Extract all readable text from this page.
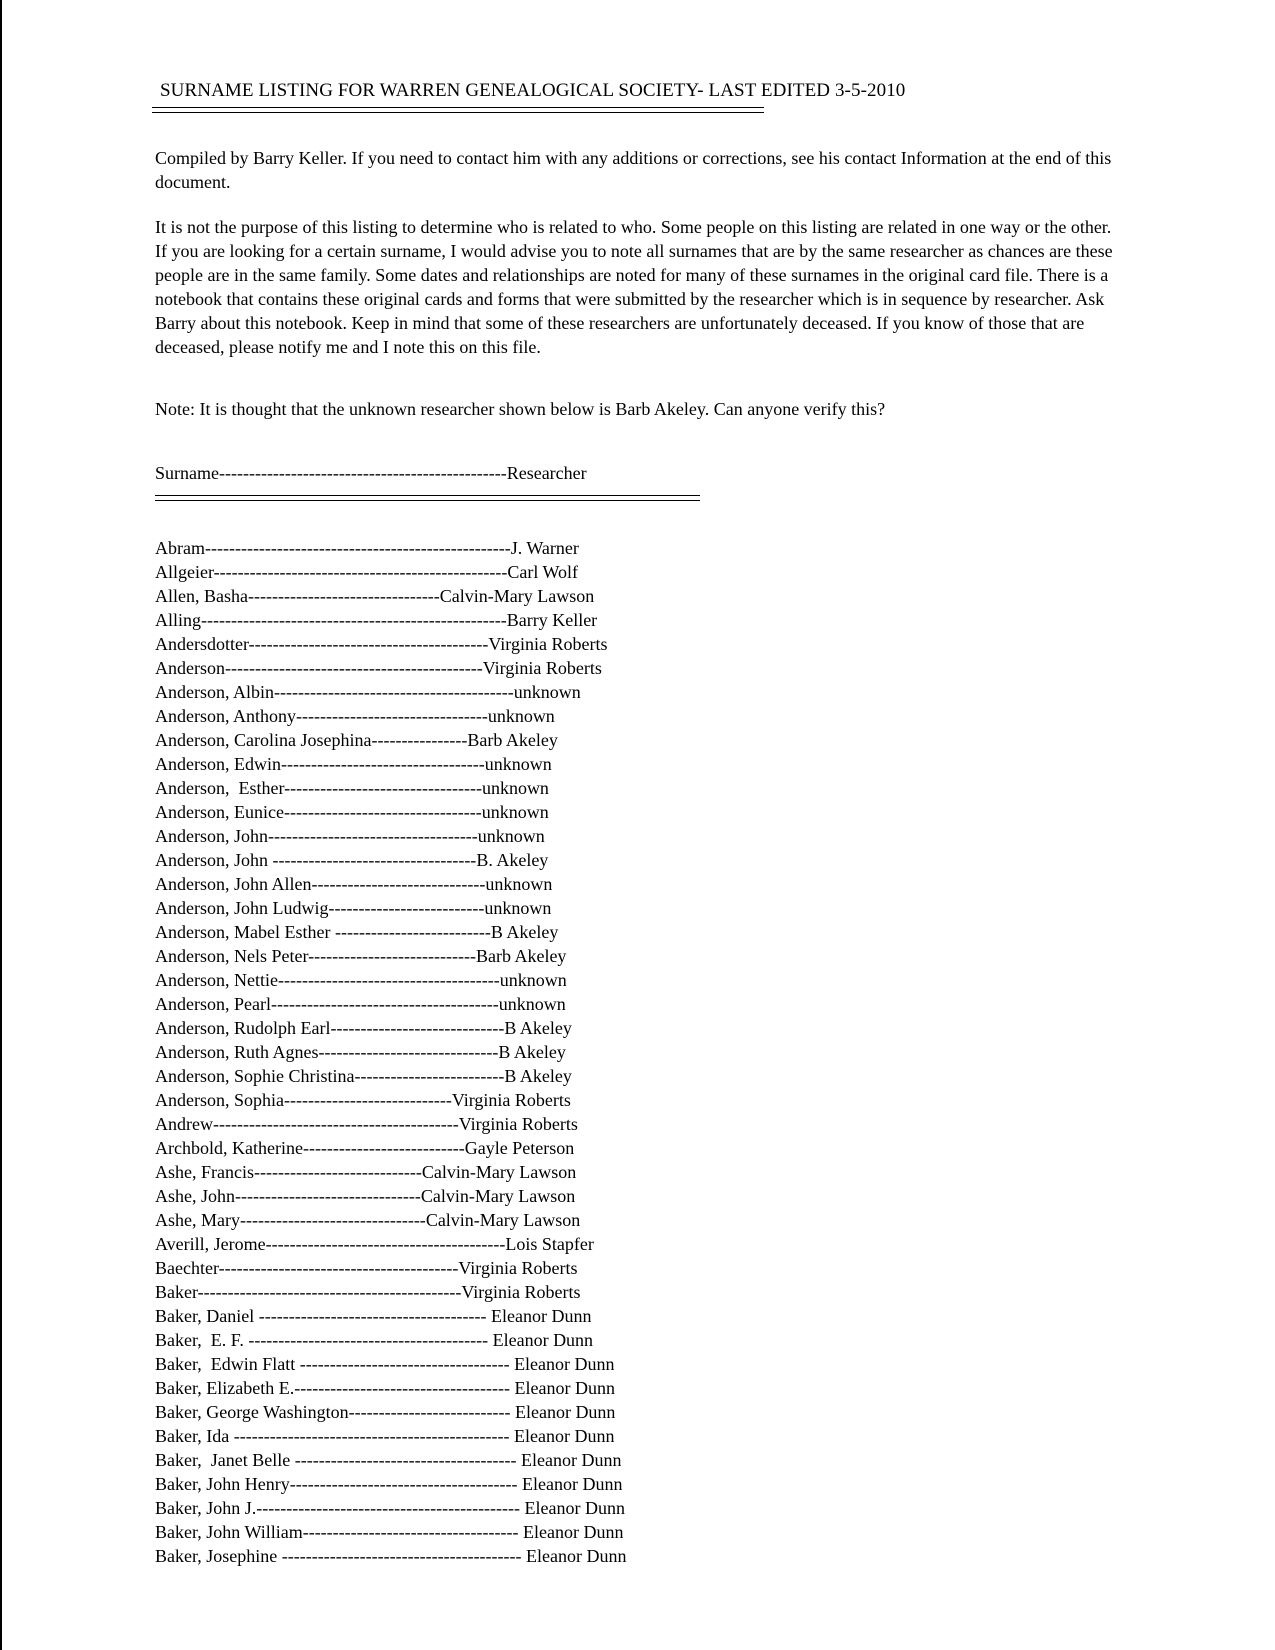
SURNAME LISTING FOR WARREN GENEALOGICAL SOCIETY- LAST EDITED 3-5-2010

Compiled by Barry Keller. If you need to contact him with any additions or corrections, see his contact Information at the end of this document.

It is not the purpose of this listing to determine who is related to who. Some people on this listing are related in one way or the other. If you are looking for a certain surname, I would advise you to note all surnames that are by the same researcher as chances are these people are in the same family. Some dates and relationships are noted for many of these surnames in the original card file. There is a notebook that contains these original cards and forms that were submitted by the researcher which is in sequence by researcher. Ask Barry about this notebook. Keep in mind that some of these researchers are unfortunately deceased. If you know of those that are deceased, please notify me and I note this on this file.

Note: It is thought that the unknown researcher shown below is Barb Akeley. Can anyone verify this?

Surname------------------------------------------------Researcher
Abram---------------------------------------------------J. Warner
Allgeier-------------------------------------------------Carl Wolf
Allen, Basha--------------------------------Calvin-Mary Lawson
Alling---------------------------------------------------Barry Keller
Andersdotter----------------------------------------Virginia Roberts
Anderson-------------------------------------------Virginia Roberts
Anderson, Albin----------------------------------------unknown
Anderson, Anthony--------------------------------unknown
Anderson, Carolina Josephina----------------Barb Akeley
Anderson, Edwin----------------------------------unknown
Anderson,  Esther---------------------------------unknown
Anderson, Eunice---------------------------------unknown
Anderson, John-----------------------------------unknown
Anderson, John ----------------------------------B. Akeley
Anderson, John Allen-----------------------------unknown
Anderson, John Ludwig--------------------------unknown
Anderson, Mabel Esther --------------------------B Akeley
Anderson, Nels Peter----------------------------Barb Akeley
Anderson, Nettie-------------------------------------unknown
Anderson, Pearl--------------------------------------unknown
Anderson, Rudolph Earl-----------------------------B Akeley
Anderson, Ruth Agnes------------------------------B Akeley
Anderson, Sophie Christina-------------------------B Akeley
Anderson, Sophia----------------------------Virginia Roberts
Andrew-----------------------------------------Virginia Roberts
Archbold, Katherine---------------------------Gayle Peterson
Ashe, Francis----------------------------Calvin-Mary Lawson
Ashe, John-------------------------------Calvin-Mary Lawson
Ashe, Mary-------------------------------Calvin-Mary Lawson
Averill, Jerome----------------------------------------Lois Stapfer
Baechter----------------------------------------Virginia Roberts
Baker--------------------------------------------Virginia Roberts
Baker, Daniel -------------------------------------- Eleanor Dunn
Baker,  E. F. ---------------------------------------- Eleanor Dunn
Baker,  Edwin Flatt ----------------------------------- Eleanor Dunn
Baker, Elizabeth E.------------------------------------ Eleanor Dunn
Baker, George Washington--------------------------- Eleanor Dunn
Baker, Ida ---------------------------------------------- Eleanor Dunn
Baker,  Janet Belle ------------------------------------- Eleanor Dunn
Baker, John Henry-------------------------------------- Eleanor Dunn
Baker, John J.-------------------------------------------- Eleanor Dunn
Baker, John William------------------------------------ Eleanor Dunn
Baker, Josephine ---------------------------------------- Eleanor Dunn
